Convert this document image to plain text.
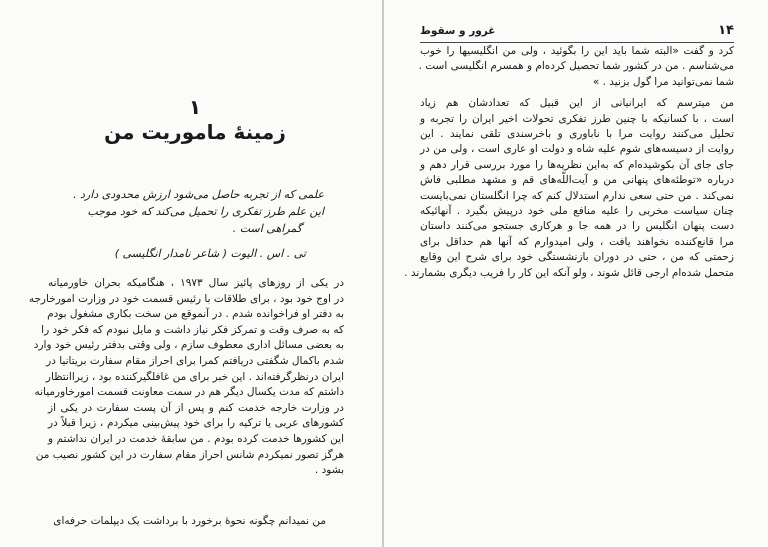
۱
زمینهٔ ماموریت من
علمی که از تجربه حاصل می‌شود ارزش محدودی دارد .
این علم طرز تفکری را تحمیل می‌کند که خود موجب
گمراهی است .
تی . اس . الیوت ( شاعر نامدار انگلیسی )
در یکی از روزهای پائیز سال ۱۹۷۳ ، هنگامیکه بحران خاورمیانه
در اوج خود بود ، برای طلاقات با رئیس قسمت خود در وزارت امورخارجه
به دفتر او فراخوانده شدم . در آنموقع من سخت بکاری مشغول بودم
که به صرف وقت و تمرکز فکر نیاز داشت و مایل نبودم که فکر خود را
به بعضی مسائل اداری معطوف سازم ، ولی وقتی بدفتر رئیس خود وارد
شدم باکمال شگفتی دریافتم کمرا برای احراز مقام سفارت بریتانیا در
ایران درنظرگرفته‌اند . این خبر برای من غافلگیرکننده بود ، زیراانتظار
داشتم که مدت یکسال دیگر هم در سمت معاونت قسمت امورخاورمیانه
در وزارت خارجه خدمت کنم و پس از آن پست سفارت در یکی از
کشورهای عربی یا ترکیه را برای خود پیش‌بینی میکردم ، زیرا قبلاً در
این کشورها خدمت کرده بودم . من سابقهٔ خدمت در ایران نداشتم و
هرگز تصور نمیکردم شانس احراز مقام سفارت در این کشور نصیب من
بشود .
من نمیدانم چگونه نحوهٔ برخورد با برداشت یک دیپلمات حرفه‌ای
۱۴
غرور و سقوط
کرد و گفت «البته شما باید این را بگوئید ، ولی من انگلیسیها را خوب
می‌شناسم . من در کشور شما تحصیل کرده‌ام و همسرم انگلیسی است .
شما نمی‌توانید مرا گول بزنید . »
من میترسم که ایرانیانی از این قبیل که تعدادشان هم زیاد
است ، با کسانیکه با چنین طرز تفکری تحولات اخیر ایران را تجربه و
تحلیل می‌کنند روایت مرا با ناباوری و باخرسندی تلقی نمایند . این
روایت از دسیسه‌های شوم علیه شاه و دولت او عاری است ، ولی من در
جای جای آن بکوشیده‌ام که به‌این نظریه‌ها را مورد بررسی قرار دهم و
درباره «توطئه‌های پنهانی من و آیت‌اللّه‌های قم و مشهد مطلبی فاش
نمی‌کند . من حتی سعی ندارم استدلال کنم که چرا انگلستان نمی‌بایست
چنان سیاست مخربی را علیه منافع ملی خود درپیش بگیرد . آنهائیکه
دست پنهان انگلیس را در همه جا و هرکاری جستجو می‌کنند داستان
مرا قانع‌کننده نخواهند یافت ، ولی امیدوارم که آنها هم حداقل برای
زحمتی که من ، حتی در دوران بازنشستگی خود برای شرح این وقایع
متحمل شده‌ام ارجی قائل شوند ، ولو آنکه این کار را فریب دیگری بشمارند .
